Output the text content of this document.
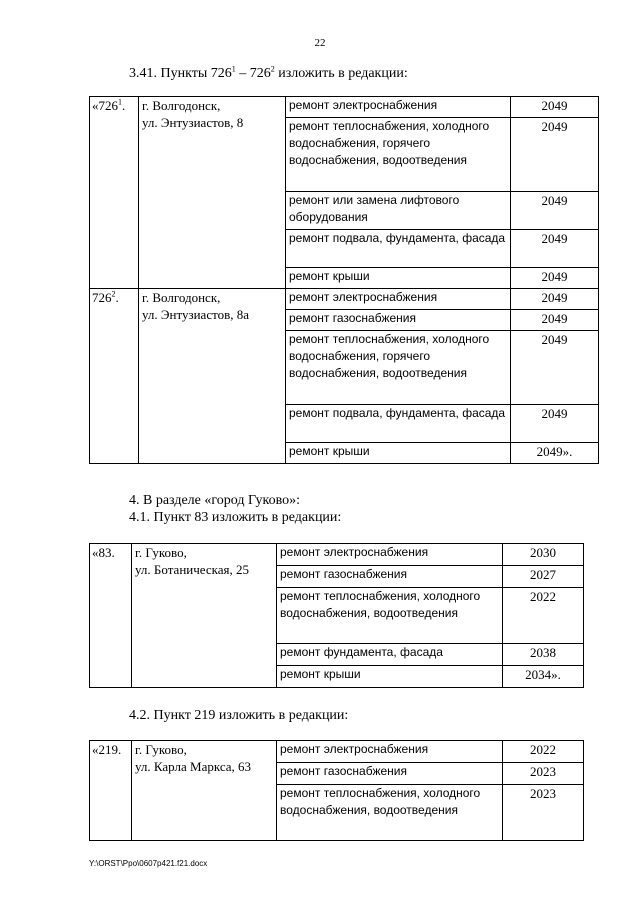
22
3.41. Пункты $726^1 - 726^2$ изложить в редакции:
«$726^1$.	г. Волгодонск,
ул. Энтузиастов, 8	ремонт электроснабжения	2049
		ремонт теплоснабжения, холодного водоснабжения, горячего водоснабжения, водоотведения	2049
		ремонт или замена лифтового оборудования	2049
		ремонт подвала, фундамента, фасада	2049
		ремонт крыши	2049
$726^2$.	г. Волгодонск,
ул. Энтузиастов, 8а	ремонт электроснабжения	2049
		ремонт газоснабжения	2049
		ремонт теплоснабжения, холодного водоснабжения, горячего водоснабжения, водоотведения	2049
		ремонт подвала, фундамента, фасада	2049
		ремонт крыши	2049».
4. В разделе «город Гуково»:
4.1. Пункт 83 изложить в редакции:
«83.	г. Гуково,
ул. Ботаническая, 25	ремонт электроснабжения	2030
		ремонт газоснабжения	2027
		ремонт теплоснабжения, холодного водоснабжения, водоотведения	2022
		ремонт фундамента, фасада	2038
		ремонт крыши	2034».
4.2. Пункт 219 изложить в редакции:
«219.	г. Гуково,
ул. Карла Маркса, 63	ремонт электроснабжения	2022
		ремонт газоснабжения	2023
		ремонт теплоснабжения, холодного водоснабжения, водоотведения	2023
Y:\ORST\Ppo\0607p421.f21.docx
